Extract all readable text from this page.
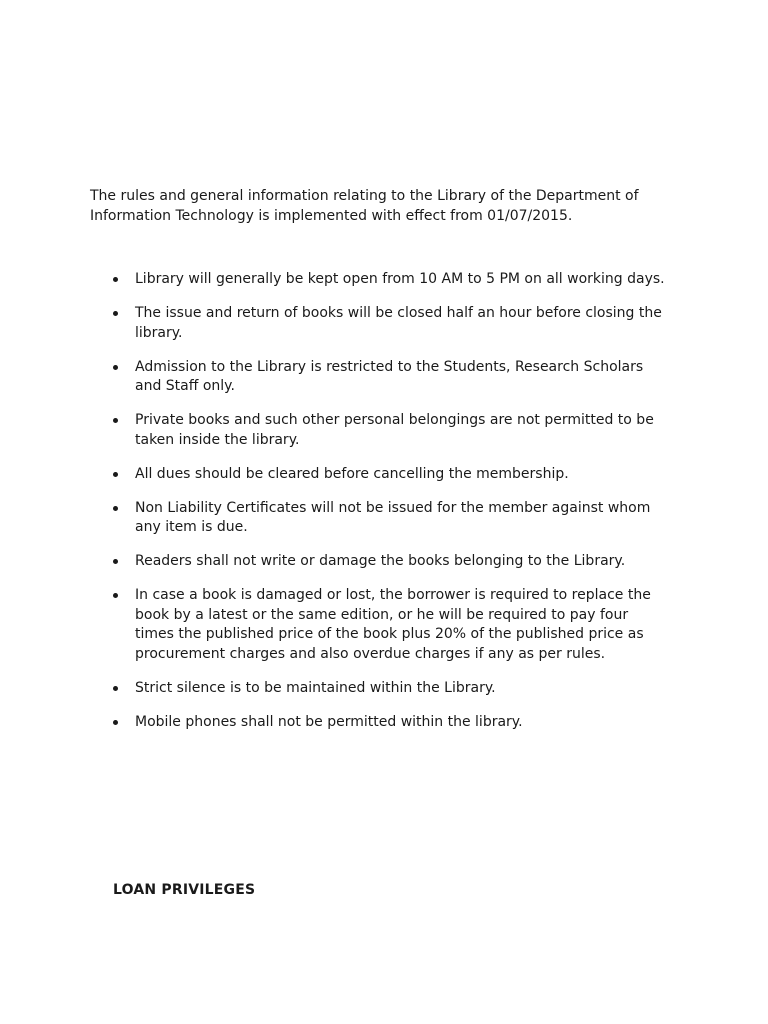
The rules and general information relating to the Library of the Department of Information Technology is implemented with effect from 01/07/2015.

Library will generally be kept open from 10 AM to 5 PM on all working days.
The issue and return of books will be closed half an hour before closing the library.
Admission to the Library is restricted to the Students, Research Scholars and Staff only.
Private books and such other personal belongings are not permitted to be taken inside the library.
All dues should be cleared before cancelling the membership.
Non Liability Certificates will not be issued for the member against whom any item is due.
Readers shall not write or damage the books belonging to the Library.
In case a book is damaged or lost, the borrower is required to replace the book by a latest or the same edition, or he will be required to pay four times the published price of the book plus 20% of the published price as procurement charges and also overdue charges if any as per rules.
Strict silence is to be maintained within the Library.
Mobile phones shall not be permitted within the library.
LOAN PRIVILEGES
